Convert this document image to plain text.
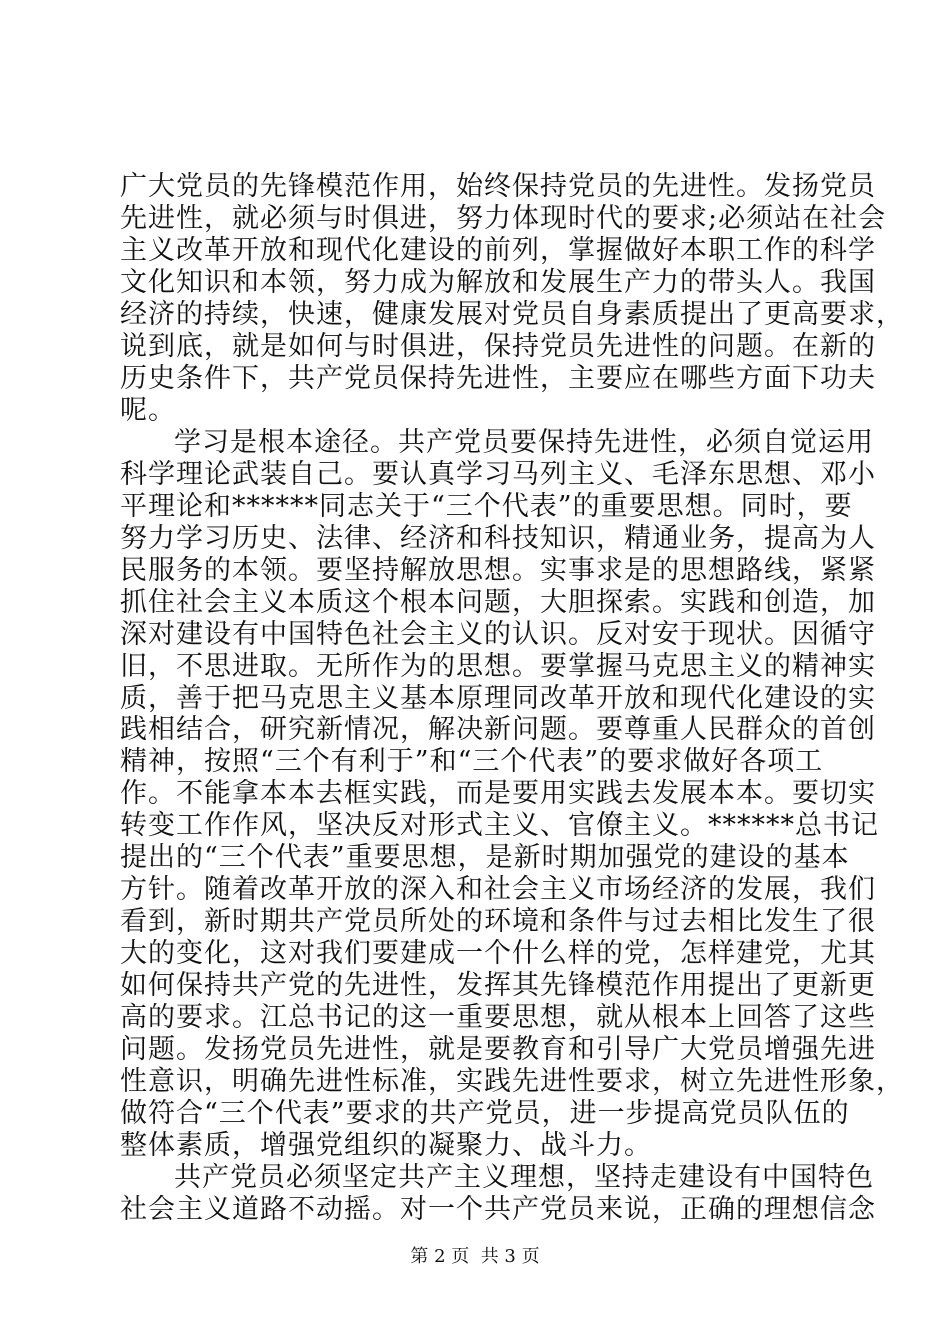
广大党员的先锋模范作用，始终保持党员的先进性。发扬党员
先进性，就必须与时俱进，努力体现时代的要求;必须站在社会
主义改革开放和现代化建设的前列，掌握做好本职工作的科学
文化知识和本领，努力成为解放和发展生产力的带头人。我国
经济的持续，快速，健康发展对党员自身素质提出了更高要求，
说到底，就是如何与时俱进，保持党员先进性的问题。在新的
历史条件下，共产党员保持先进性，主要应在哪些方面下功夫
呢。
学习是根本途径。共产党员要保持先进性，必须自觉运用
科学理论武装自己。要认真学习马列主义、毛泽东思想、邓小
平理论和******同志关于“三个代表”的重要思想。同时，要
努力学习历史、法律、经济和科技知识，精通业务，提高为人
民服务的本领。要坚持解放思想。实事求是的思想路线，紧紧
抓住社会主义本质这个根本问题，大胆探索。实践和创造，加
深对建设有中国特色社会主义的认识。反对安于现状。因循守
旧，不思进取。无所作为的思想。要掌握马克思主义的精神实
质，善于把马克思主义基本原理同改革开放和现代化建设的实
践相结合，研究新情况，解决新问题。要尊重人民群众的首创
精神，按照“三个有利于”和“三个代表”的要求做好各项工
作。不能拿本本去框实践，而是要用实践去发展本本。要切实
转变工作作风，坚决反对形式主义、官僚主义。******总书记
提出的“三个代表”重要思想，是新时期加强党的建设的基本
方针。随着改革开放的深入和社会主义市场经济的发展，我们
看到，新时期共产党员所处的环境和条件与过去相比发生了很
大的变化，这对我们要建成一个什么样的党，怎样建党，尤其
如何保持共产党的先进性，发挥其先锋模范作用提出了更新更
高的要求。江总书记的这一重要思想，就从根本上回答了这些
问题。发扬党员先进性，就是要教育和引导广大党员增强先进
性意识，明确先进性标准，实践先进性要求，树立先进性形象，
做符合“三个代表”要求的共产党员，进一步提高党员队伍的
整体素质，增强党组织的凝聚力、战斗力。
共产党员必须坚定共产主义理想，坚持走建设有中国特色
社会主义道路不动摇。对一个共产党员来说，正确的理想信念
第 2 页  共 3 页
